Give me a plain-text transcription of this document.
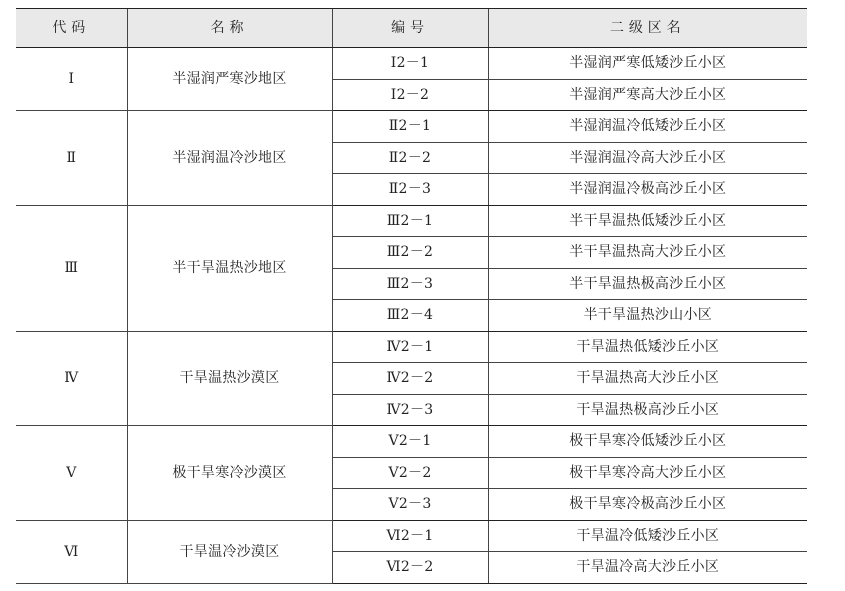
代码	名称	编号	二级区名
Ⅰ	半湿润严寒沙地区	Ⅰ2－1	半湿润严寒低矮沙丘小区
		Ⅰ2－2	半湿润严寒高大沙丘小区
Ⅱ	半湿润温冷沙地区	Ⅱ2－1	半湿润温冷低矮沙丘小区
		Ⅱ2－2	半湿润温冷高大沙丘小区
		Ⅱ2－3	半湿润温冷极高沙丘小区
Ⅲ	半干旱温热沙地区	Ⅲ2－1	半干旱温热低矮沙丘小区
		Ⅲ2－2	半干旱温热高大沙丘小区
		Ⅲ2－3	半干旱温热极高沙丘小区
		Ⅲ2－4	半干旱温热沙山小区
Ⅳ	干旱温热沙漠区	Ⅳ2－1	干旱温热低矮沙丘小区
		Ⅳ2－2	干旱温热高大沙丘小区
		Ⅳ2－3	干旱温热极高沙丘小区
Ⅴ	极干旱寒冷沙漠区	Ⅴ2－1	极干旱寒冷低矮沙丘小区
		Ⅴ2－2	极干旱寒冷高大沙丘小区
		Ⅴ2－3	极干旱寒冷极高沙丘小区
Ⅵ	干旱温冷沙漠区	Ⅵ2－1	干旱温冷低矮沙丘小区
		Ⅵ2－2	干旱温冷高大沙丘小区
